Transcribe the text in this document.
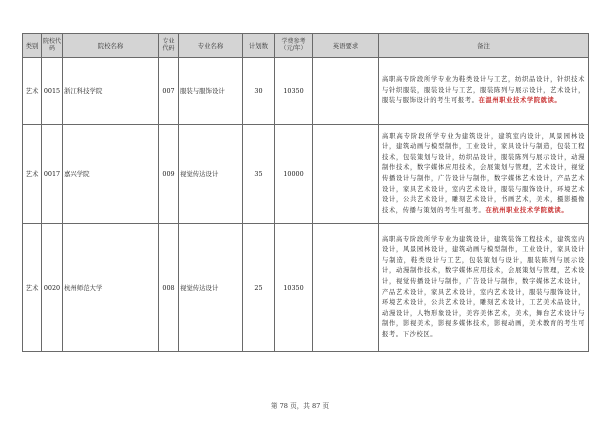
类别	院校代码	院校名称	专业代码	专业名称	计划数	学费参考（元/年）	英语要求	备注
艺术	0015	浙江科技学院	007	服装与服饰设计	30	10350		高职高专阶段所学专业为鞋类设计与工艺，纺织品设计，针织技术与针织服装，服装设计与工艺，服装陈列与展示设计，艺术设计，服装与服饰设计的考生可报考。在温州职业技术学院就读。
艺术	0017	嘉兴学院	009	视觉传达设计	35	10000		高职高专阶段所学专业为建筑设计，建筑室内设计，风景园林设计，建筑动画与模型制作，工业设计，家具设计与制造，包装工程技术，包装策划与设计，纺织品设计，服装陈列与展示设计，动漫制作技术，数字媒体应用技术，会展策划与管理，艺术设计，视觉传播设计与制作，广告设计与制作，数字媒体艺术设计，产品艺术设计，家具艺术设计，室内艺术设计，服装与服饰设计，环境艺术设计，公共艺术设计，雕刻艺术设计，书画艺术，美术，摄影摄像技术，传播与策划的考生可报考。在杭州职业技术学院就读。
艺术	0020	杭州师范大学	008	视觉传达设计	25	10350		高职高专阶段所学专业为建筑设计，建筑装饰工程技术，建筑室内设计，风景园林设计，建筑动画与模型制作，工业设计，家具设计与制造，鞋类设计与工艺，包装策划与设计，服装陈列与展示设计，动漫制作技术，数字媒体应用技术，会展策划与管理，艺术设计，视觉传播设计与制作，广告设计与制作，数字媒体艺术设计，产品艺术设计，家具艺术设计，室内艺术设计，服装与服饰设计，环境艺术设计，公共艺术设计，雕刻艺术设计，工艺美术品设计，动漫设计，人物形象设计，美容美体艺术，美术，舞台艺术设计与制作，影视美术，影视多媒体技术，影视动画，美术教育的考生可报考。下沙校区。
第 78 页，共 87 页
